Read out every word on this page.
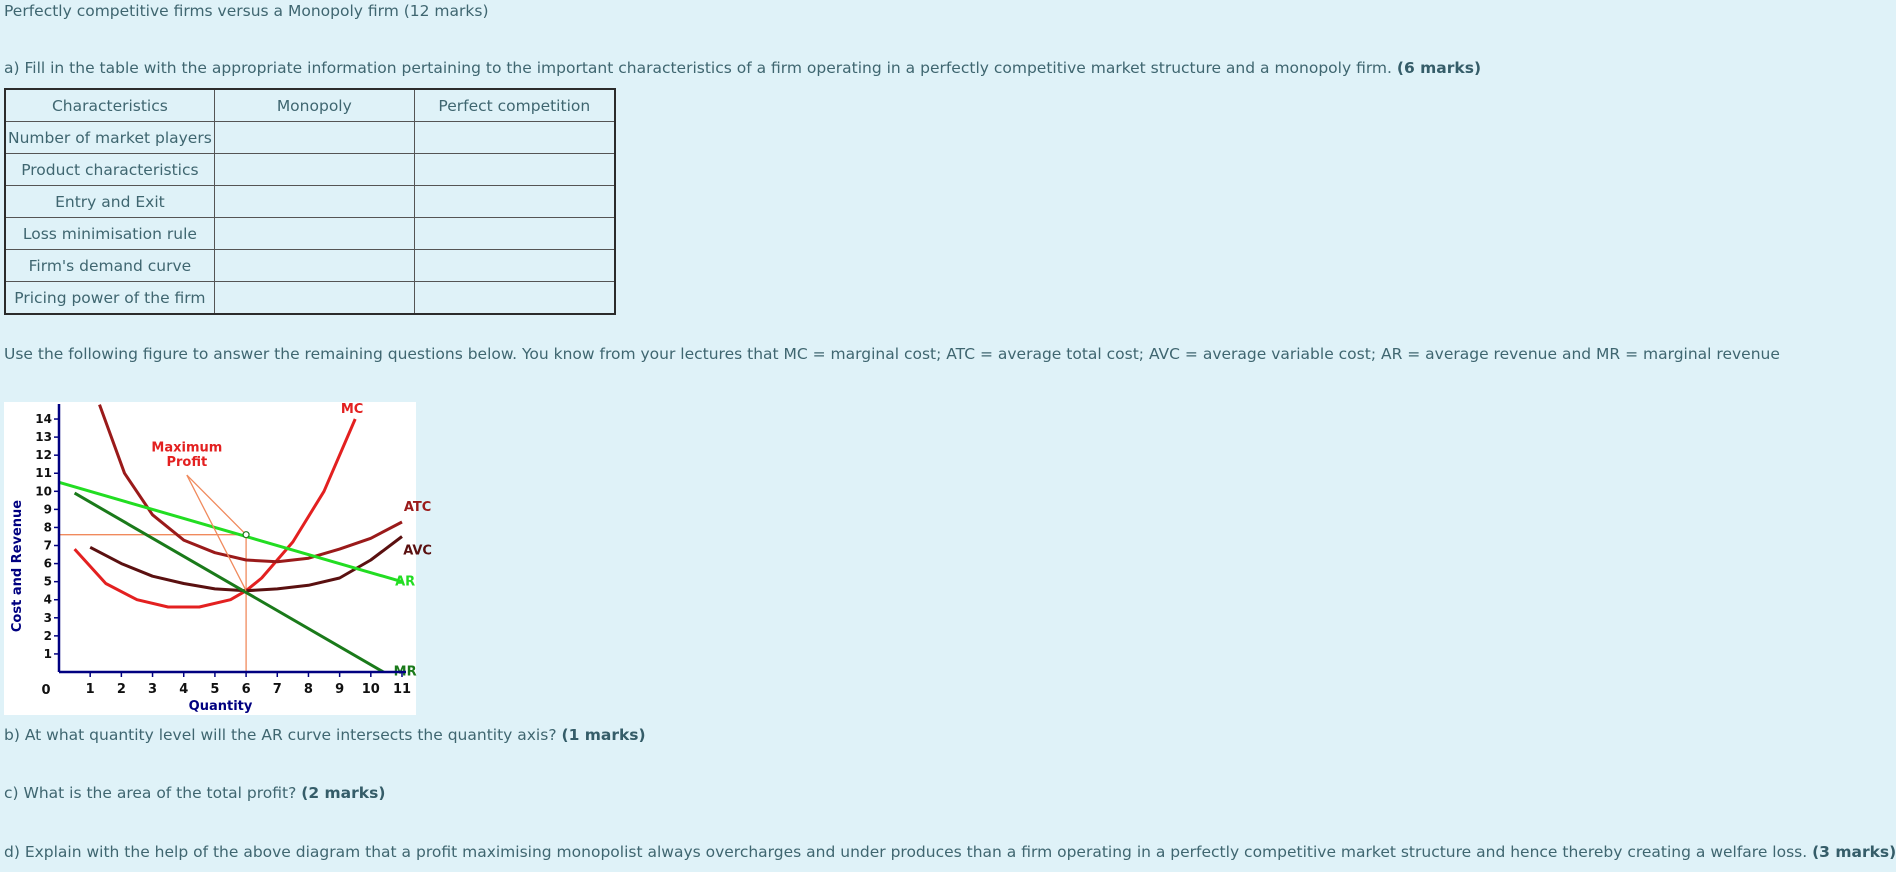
Perfectly competitive firms versus a Monopoly firm (12 marks)
a) Fill in the table with the appropriate information pertaining to the important characteristics of a firm operating in a perfectly competitive market structure and a monopoly firm. (6 marks)
Characteristics	Monopoly	Perfect competition
Number of market players		
Product characteristics		
Entry and Exit		
Loss minimisation rule		
Firm's demand curve		
Pricing power of the firm		
Use the following figure to answer the remaining questions below. You know from your lectures that MC = marginal cost; ATC = average total cost; AVC = average variable cost; AR = average revenue and MR = marginal revenue
Maximum
Profit
MC
ATC
AVC
AR
MR
1
2
3
4
5
6
7
8
9
10
11
12
13
14
1 2 3 4 5 6 7 8 9 10 11
0
Quantity
Cost and Revenue
b) At what quantity level will the AR curve intersects the quantity axis? (1 marks)
c) What is the area of the total profit? (2 marks)
d) Explain with the help of the above diagram that a profit maximising monopolist always overcharges and under produces than a firm operating in a perfectly competitive market structure and hence thereby creating a welfare loss. (3 marks)
